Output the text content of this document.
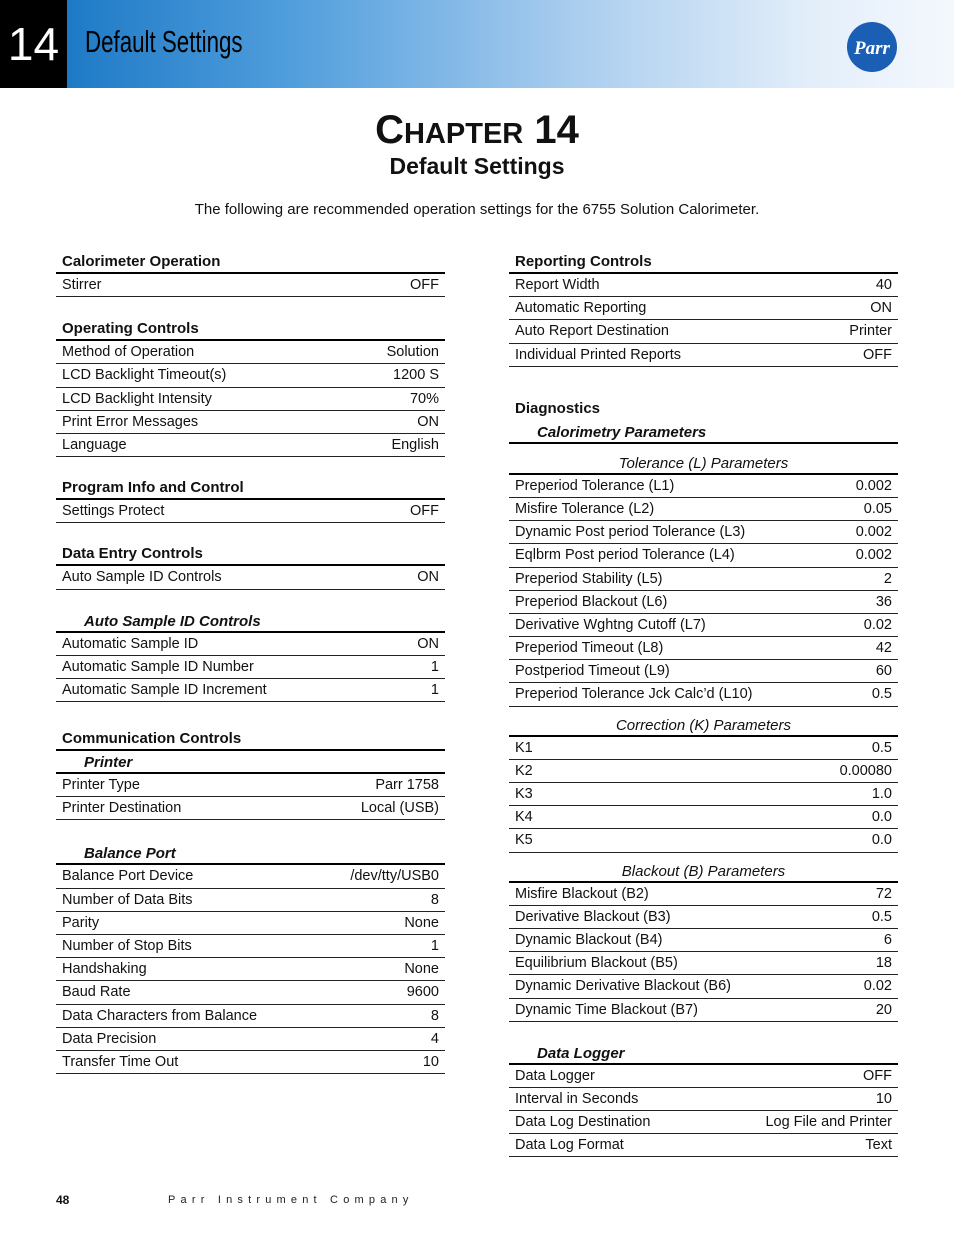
14 Default Settings	Parr
CHAPTER 14
Default Settings
The following are recommended operation settings for the 6755 Solution Calorimeter.
Calorimeter Operation
Stirrer	OFF
Operating Controls
Method of Operation	Solution
LCD Backlight Timeout(s)	1200 S
LCD Backlight Intensity	70%
Print Error Messages	ON
Language	English
Program Info and Control
Settings Protect	OFF
Data Entry Controls
Auto Sample ID Controls	ON
Auto Sample ID Controls
Automatic Sample ID	ON
Automatic Sample ID Number	1
Automatic Sample ID Increment	1
Communication Controls
Printer
Printer Type	Parr 1758
Printer Destination	Local (USB)
Balance Port
Balance Port Device	/dev/tty/USB0
Number of Data Bits	8
Parity	None
Number of Stop Bits	1
Handshaking	None
Baud Rate	9600
Data Characters from Balance	8
Data Precision	4
Transfer Time Out	10
Reporting Controls
Report Width	40
Automatic Reporting	ON
Auto Report Destination	Printer
Individual Printed Reports	OFF
Diagnostics
Calorimetry Parameters
Tolerance (L) Parameters
Preperiod Tolerance (L1)	0.002
Misfire Tolerance (L2)	0.05
Dynamic Post period Tolerance (L3)	0.002
Eqlbrm Post period Tolerance (L4)	0.002
Preperiod Stability (L5)	2
Preperiod Blackout (L6)	36
Derivative Wghtng Cutoff (L7)	0.02
Preperiod Timeout (L8)	42
Postperiod Timeout (L9)	60
Preperiod Tolerance Jck Calc’d (L10)	0.5
Correction (K) Parameters
K1	0.5
K2	0.00080
K3	1.0
K4	0.0
K5	0.0
Blackout (B) Parameters
Misfire Blackout (B2)	72
Derivative Blackout (B3)	0.5
Dynamic Blackout (B4)	6
Equilibrium Blackout (B5)	18
Dynamic Derivative Blackout (B6)	0.02
Dynamic Time Blackout (B7)	20
Data Logger
Data Logger	OFF
Interval in Seconds	10
Data Log Destination	Log File and Printer
Data Log Format	Text
48	Parr Instrument Company
